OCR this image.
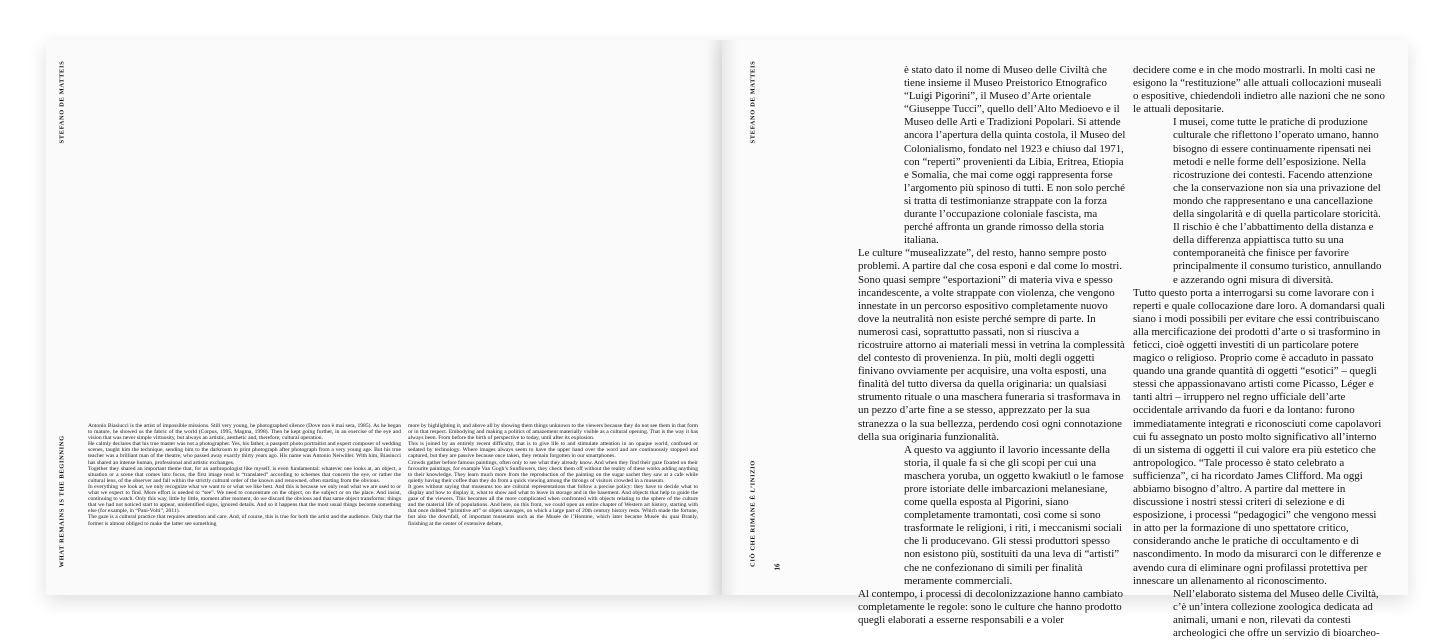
STEFANO DE MATTEIS
WHAT REMAINS IS THE BEGINNING

Antonio Biasiucci is the artist of impossible missions. Still very young, he photographed silence (Dove non è mai sera, 1985). As he began to mature, he showed us the fabric of the world (Corpus, 1995, Magma, 1998). Then he kept going further, in an exercise of the eye and vision that was never simple virtuosity, but always an artistic, aesthetic and, therefore, cultural operation.

He calmly declares that his true master was not a photographer. Yes, his father, a passport photo portraitist and expert composer of wedding scenes, taught him the technique, sending him to the darkroom to print photograph after photograph from a very young age. But his true teacher was a brilliant man of the theatre, who passed away exactly thirty years ago. His name was Antonio Neiwiller. With him, Biasiucci has shared an intense human, professional and artistic exchanges.

Together they shared an important theme that, for an anthropologist like myself, is even fundamental: whatever one looks at, an object, a situation or a scene that comes into focus, the first image read is “translated” according to schemes that concern the eye, or rather the cultural lens, of the observer and fall within the strictly cultural order of the known and renowned, often starting from the obvious.

In everything we look at, we only recognize what we want to or what we like best. And this is because we only read what we are used to or what we expect to find. More effort is needed to “see”. We need to concentrate on the object, on the subject or on the place. And insist, continuing to watch. Only this way, little by little, moment after moment, do we discard the obvious and that same object transforms: things that we had not noticed start to appear, unidentified signs, ignored details. And so it happens that the most usual things become something else (for example, in “Pani-Volti”, 2011).

The gaze is a cultural practice that requires attention and care. And, of course, this is true for both the artist and the audience. Only that the former is almost obliged to make the latter see something

more by highlighting it, and above all by showing them things unknown to the viewers because they do not see them in that form or in that respect. Embodying and making a politics of amazement materially visible as a cultural opening. That is the way it has always been. From before the birth of perspective to today, until after its explosion.

This is joined by an entirely recent difficulty, that is to give life to and stimulate attention in an opaque world, confused or sedated by technology. Where images always seem to have the upper hand over the word and are continuously stopped and captured, but they are passive because once taken, they remain forgotten in our smartphones.

Crowds gather before famous paintings, often only to see what they already know. And when they find their gaze fixated on their favourite paintings, for example Van Gogh’s Sunflowers, they check them off without the reality of these works adding anything to their knowledge. They learn much more from the reproduction of the painting on the sugar sachet they saw at a cafe while quietly having their coffee than they do from a quick viewing among the throngs of visitors crowded in a museum.

It goes without saying that museums too are cultural representations that follow a precise policy: they have to decide what to display and how to display it, what to show and what to leave in storage and in the basement. And objects that help to guide the gaze of the viewers. This becomes all the more complicated when confronted with objects relating to the sphere of the culture and the material life of populations. And here, on this front, we could open an entire chapter of Western art history, starting with that once dubbed “primitive art” or objets sauvages, on which a large part of 20th century history rests. Which made the fortune, but also the downfall, of important museums such as the Musée de l’Homme, which later became Musée du quai Branly, finishing at the center of extensive debate,

STEFANO DE MATTEIS
CIÒ CHE RIMANE È L’INIZIO
16

è stato dato il nome di Museo delle Civiltà che tiene insieme il Museo Preistorico Etnografico “Luigi Pigorini”, il Museo d’Arte orientale “Giuseppe Tucci”, quello dell’Alto Medioevo e il Museo delle Arti e Tradizioni Popolari. Si attende ancora l’apertura della quinta costola, il Museo del Colonialismo, fondato nel 1923 e chiuso dal 1971, con “reperti” provenienti da Libia, Eritrea, Etiopia e Somalia, che mai come oggi rappresenta forse l’argomento più spinoso di tutti. E non solo perché si tratta di testimonianze strappate con la forza durante l’occupazione coloniale fascista, ma perché affronta un grande rimosso della storia italiana.

Le culture “musealizzate”, del resto, hanno sempre posto problemi. A partire dal che cosa esponi e dal come lo mostri. Sono quasi sempre “esportazioni” di materia viva e spesso incandescente, a volte strappate con violenza, che vengono innestate in un percorso espositivo completamente nuovo dove la neutralità non esiste perché sempre di parte. In numerosi casi, soprattutto passati, non si riusciva a ricostruire attorno ai materiali messi in vetrina la complessità del contesto di provenienza. In più, molti degli oggetti finivano ovviamente per acquisire, una volta esposti, una finalità del tutto diversa da quella originaria: un qualsiasi strumento rituale o una maschera funeraria si trasformava in un pezzo d’arte fine a se stesso, apprezzato per la sua stranezza o la sua bellezza, perdendo così ogni connotazione della sua originaria funzionalità.

A questo va aggiunto il lavorio incessante della storia, il quale fa sì che gli scopi per cui una maschera yoruba, un oggetto kwakiutl o le famose prore istoriate delle imbarcazioni melanesiane, come quella esposta al Pigorini, siano completamente tramontati, così come si sono trasformate le religioni, i riti, i meccanismi sociali che li producevano. Gli stessi produttori spesso non esistono più, sostituiti da una leva di “artisti” che ne confezionano di simili per finalità meramente commerciali.

Al contempo, i processi di decolonizzazione hanno cambiato completamente le regole: sono le culture che hanno prodotto quegli elaborati a esserne responsabili e a voler

decidere come e in che modo mostrarli. In molti casi ne esigono la “restituzione” alle attuali collocazioni museali o espositive, chiedendoli indietro alle nazioni che ne sono le attuali depositarie.

I musei, come tutte le pratiche di produzione culturale che riflettono l’operato umano, hanno bisogno di essere continuamente ripensati nei metodi e nelle forme dell’esposizione. Nella ricostruzione dei contesti. Facendo attenzione che la conservazione non sia una privazione del mondo che rappresentano e una cancellazione della singolarità e di quella particolare storicità. Il rischio è che l’abbattimento della distanza e della differenza appiattisca tutto su una contemporaneità che finisce per favorire principalmente il consumo turistico, annullando e azzerando ogni misura di diversità.

Tutto questo porta a interrogarsi su come lavorare con i reperti e quale collocazione dare loro. A domandarsi quali siano i modi possibili per evitare che essi contribuiscano alla mercificazione dei prodotti d’arte o si trasformino in feticci, cioè oggetti investiti di un particolare potere magico o religioso. Proprio come è accaduto in passato quando una grande quantità di oggetti “esotici” – quegli stessi che appassionavano artisti come Picasso, Léger e tanti altri – irruppero nel regno ufficiale dell’arte occidentale arrivando da fuori e da lontano: furono immediatamente integrati e riconosciuti come capolavori cui fu assegnato un posto molto significativo all’interno di un sistema di oggetti il cui valore era più estetico che antropologico. “Tale processo è stato celebrato a sufficienza”, ci ha ricordato James Clifford. Ma oggi abbiamo bisogno d’altro. A partire dal mettere in discussione i nostri stessi criteri di selezione e di esposizione, i processi “pedagogici” che vengono messi in atto per la formazione di uno spettatore critico, considerando anche le pratiche di occultamento e di nascondimento. In modo da misurarci con le differenze e avendo cura di eliminare ogni profilassi protettiva per innescare un allenamento al riconoscimento.

Nell’elaborato sistema del Museo delle Civiltà, c’è un’intera collezione zoologica dedicata ad animali, umani e non, rilevati da contesti archeologici che offre un servizio di bioarcheo-
